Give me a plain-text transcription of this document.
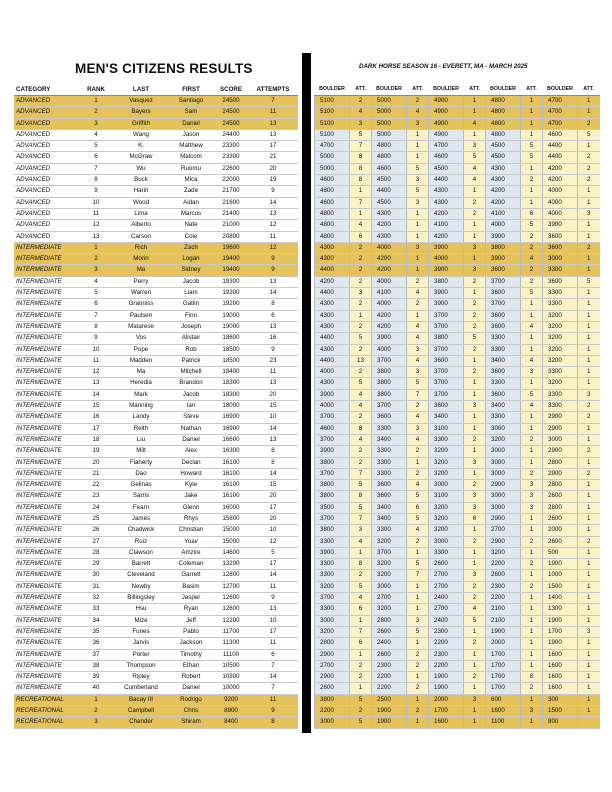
MEN'S CITIZENS RESULTS	DARK HORSE SEASON 16 - EVERETT, MA - MARCH 2025
CATEGORY	RANK	LAST	FIRST	SCORE	ATTEMPTS
ADVANCED	1	Vasquez	Santiago	24500	7
ADVANCED	2	Bayers	Sam	24500	11
ADVANCED	3	Griffith	Daniel	24500	13
ADVANCED	4	Wang	Jason	24400	13
ADVANCED	5	K.	Matthew	23300	17
ADVANCED	6	McGraw	Malcom	23300	21
ADVANCED	7	Wu	Ruomu	22600	20
ADVANCED	8	Buck	Mica	22000	19
ADVANCED	9	Hariri	Zade	21700	9
ADVANCED	10	Wood	Aidan	21600	14
ADVANCED	11	Lima	Marcus	21400	13
ADVANCED	12	Alberto	Nate	21000	12
ADVANCED	13	Carson	Cole	20800	11
INTERMEDIATE	1	Rich	Zach	19600	12
INTERMEDIATE	2	Morin	Logan	19400	9
INTERMEDIATE	3	Ma	Sidney	19400	9
INTERMEDIATE	4	Perry	Jacob	19300	13
INTERMEDIATE	5	Warren	Liam	19300	14
INTERMEDIATE	6	Granniss	Gatlin	19200	8
INTERMEDIATE	7	Paulsen	Finn	19000	6
INTERMEDIATE	8	Matarese	Joseph	19000	13
INTERMEDIATE	9	Vos	Alistair	18600	16
INTERMEDIATE	10	Pope	Rob	18500	9
INTERMEDIATE	11	Madden	Patrick	18500	23
INTERMEDIATE	12	Ma	Mitchell	18400	11
INTERMEDIATE	13	Heredia	Brandon	18300	13
INTERMEDIATE	14	Mark	Jacob	18300	20
INTERMEDIATE	15	Manning	Ian	18000	15
INTERMEDIATE	16	Landy	Steve	16900	10
INTERMEDIATE	17	Reith	Nathan	16900	14
INTERMEDIATE	18	Liu	Daniel	16600	13
INTERMEDIATE	19	Milt	Alex	16300	8
INTERMEDIATE	20	Flaherty	Declan	16100	8
INTERMEDIATE	21	Dao	Howard	16100	14
INTERMEDIATE	22	Gelinas	Kyle	16100	15
INTERMEDIATE	23	Sarris	Jake	16100	20
INTERMEDIATE	24	Fearn	Glenn	16000	17
INTERMEDIATE	25	James	Rhys	15800	20
INTERMEDIATE	26	Chadwick	Christian	15000	10
INTERMEDIATE	27	Ruiz	Yoav	15000	12
INTERMEDIATE	28	Clawson	Amzire	14600	5
INTERMEDIATE	29	Barrett	Coleman	13200	17
INTERMEDIATE	30	Cleveland	Garrett	12800	14
INTERMEDIATE	31	Newby	Basim	12700	11
INTERMEDIATE	32	Billingsley	Jasper	12600	9
INTERMEDIATE	33	Hsu	Ryan	12600	13
INTERMEDIATE	34	Mize	Jeff	12200	10
INTERMEDIATE	35	Funes	Pablo	11700	17
INTERMEDIATE	36	Jarvis	Jackson	11300	11
INTERMEDIATE	37	Porter	Timothy	11100	6
INTERMEDIATE	38	Thompson	Ethan	10500	7
INTERMEDIATE	39	Ripley	Robert	10300	14
INTERMEDIATE	40	Cumberland	Daniel	10000	7
RECREATIONAL	1	Bacay III	Rodrigo	9200	11
RECREATIONAL	2	Campbell	Chris	8900	9
RECREATIONAL	3	Chander	Shiram	8400	8
BOULDER	ATT.	BOULDER	ATT.	BOULDER	ATT.	BOULDER	ATT.	BOULDER	ATT.
5100	2	5000	2	4900	1	4800	1	4700	1
5100	4	5000	4	4900	1	4800	1	4700	1
5100	3	5000	3	4900	4	4800	1	4700	2
5100	5	5000	1	4900	1	4800	1	4600	5
4700	7	4800	1	4700	3	4500	5	4400	1
5000	8	4800	1	4600	5	4500	5	4400	2
5000	8	4600	5	4500	4	4300	1	4200	2
4600	8	4500	3	4400	4	4300	2	4200	2
4800	1	4400	5	4300	1	4200	1	4000	1
4600	7	4500	3	4300	2	4200	1	4000	1
4800	1	4300	1	4200	2	4100	6	4000	3
4800	4	4200	1	4100	1	4000	5	3900	1
4800	6	4300	1	4200	1	3900	2	3600	1
4300	2	4000	3	3900	3	3800	2	3600	2
4300	2	4200	1	4000	1	3900	4	3000	1
4400	2	4200	1	3900	3	3600	2	3300	1
4200	2	4000	2	3800	2	3700	2	3600	5
4400	3	4100	4	3900	1	3600	5	3300	1
4300	2	4000	2	3900	2	3700	1	3300	1
4300	1	4200	1	3700	2	3600	1	3200	1
4300	2	4200	4	3700	2	3600	4	3200	1
4400	5	3900	4	3800	5	3300	1	3200	1
4300	2	4000	3	3700	2	3300	1	3200	1
4400	13	3700	4	3600	1	3400	4	3200	1
4000	2	3800	3	3700	2	3600	3	3300	1
4300	5	3800	5	3700	1	3300	1	3200	1
3900	4	3800	7	3700	1	3600	5	3300	3
4000	4	3700	2	3600	3	3400	4	3300	2
3700	2	3600	4	3400	1	3300	1	2900	2
4600	8	3300	3	3100	1	3000	1	2900	1
3700	4	3400	4	3300	2	3200	2	3000	1
3900	2	3300	2	3200	1	3000	1	2900	2
3800	2	3300	1	3200	3	3000	1	2800	1
3700	7	3300	2	3200	1	3000	2	2900	2
3800	5	3600	4	3000	2	2900	3	2800	1
3800	8	3600	5	3100	3	3000	3	2600	1
3500	5	3400	6	3200	3	3000	3	2800	1
3700	7	3400	5	3200	6	2900	1	2600	1
3800	3	3300	4	3200	1	2700	1	2000	1
3300	4	3200	2	3000	2	2900	2	2600	2
3900	1	3700	1	3300	1	3200	1	500	1
3300	8	3200	5	2600	1	2200	2	1900	1
3300	2	3200	7	2700	3	2600	1	1000	1
3200	5	3000	1	2700	2	2300	2	1500	1
3700	4	2700	1	2400	2	2200	1	1400	1
3300	6	3200	1	2700	4	2100	1	1300	1
3000	1	2800	3	2400	5	2100	1	1900	1
3200	7	2600	5	2300	1	1900	1	1700	3
2800	6	2400	1	2200	2	2000	1	1900	1
2900	1	2600	2	2300	1	1700	1	1600	1
2700	2	2300	2	2200	1	1700	1	1600	1
2900	2	2200	1	1900	2	1700	8	1600	1
2600	1	2200	2	1900	1	1700	2	1600	1
3800	5	2500	1	2000	3	600	1	300	1
2200	2	1900	2	1700	1	1600	3	1500	1
3000	5	1900	1	1600	1	1100	1	800	
